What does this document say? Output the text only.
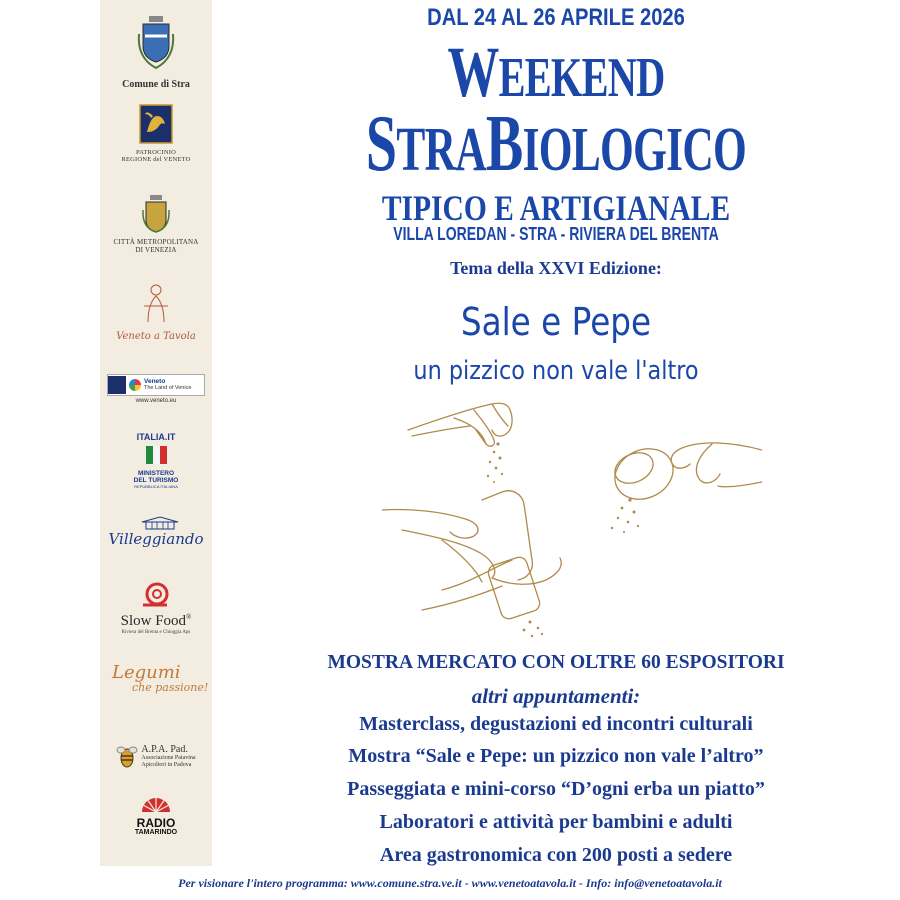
Comune di Stra
PATROCINIO
REGIONE del VENETO
CITTÀ METROPOLITANA
DI VENEZIA
Veneto a Tavola
Veneto
The Land of Venice
www.veneto.eu
ITALIA.IT
MINISTERO
DEL TURISMO
REPUBBLICA ITALIANA
Villeggiando
Slow Food®
Riviera del Brenta e Chioggia Aps
Legumi
che passione!
A.P.A. Pad.
Associazione Patavina
Apicoltori in Padova
RADIO
TAMARINDO
DAL 24 AL 26 APRILE 2026
WEEKEND
STRABIOLOGICO
TIPICO E ARTIGIANALE
VILLA LOREDAN - STRA - RIVIERA DEL BRENTA
Tema della XXVI Edizione:
Sale e Pepe
un pizzico non vale l'altro
MOSTRA MERCATO CON OLTRE 60 ESPOSITORI
altri appuntamenti:
Masterclass, degustazioni ed incontri culturali
Mostra “Sale e Pepe: un pizzico non vale l’altro”
Passeggiata e mini-corso “D’ogni erba un piatto”
Laboratori e attività per bambini e adulti
Area gastronomica con 200 posti a sedere
Per visionare l'intero programma: www.comune.stra.ve.it - www.venetoatavola.it - Info: info@venetoatavola.it
